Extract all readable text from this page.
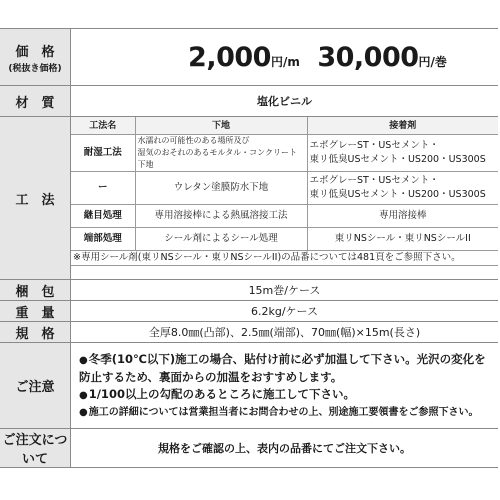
価　格
(税抜き価格)	2,000円/m 30,000円/巻
材　質	塩化ビニル
工　法	
工法名	下地	接着剤
耐湿工法	水濡れの可能性のある場所及び
湿気のおそれのあるモルタル・コンクリート下地	エボグレーST・USセメント・
東リ低臭USセメント・US200・US300S
ー	ウレタン塗膜防水下地	エボグレーST・USセメント・
東リ低臭USセメント・US200・US300S
継目処理	専用溶接棒による熱風溶接工法	専用溶接棒
端部処理	シール剤によるシール処理	東リNSシール・東リNSシールII
※専用シール剤(東リNSシール・東リNSシールII)の品番については481頁をご参照下さい。

梱　包	15m巻/ケース
重　量	6.2kg/ケース
規　格	全厚8.0㎜(凸部)、2.5㎜(端部)、70㎜(幅)×15m(長さ)
ご注意	
●冬季(10℃以下)施工の場合、貼付け前に必ず加温して下さい。光沢の変化を防止するため、裏面からの加温をおすすめします。
●1/100以上の勾配のあるところに施工して下さい。
●施工の詳細については営業担当者にお問合わせの上、別途施工要領書をご参照下さい。

ご注文について	規格をご確認の上、表内の品番にてご注文下さい。
